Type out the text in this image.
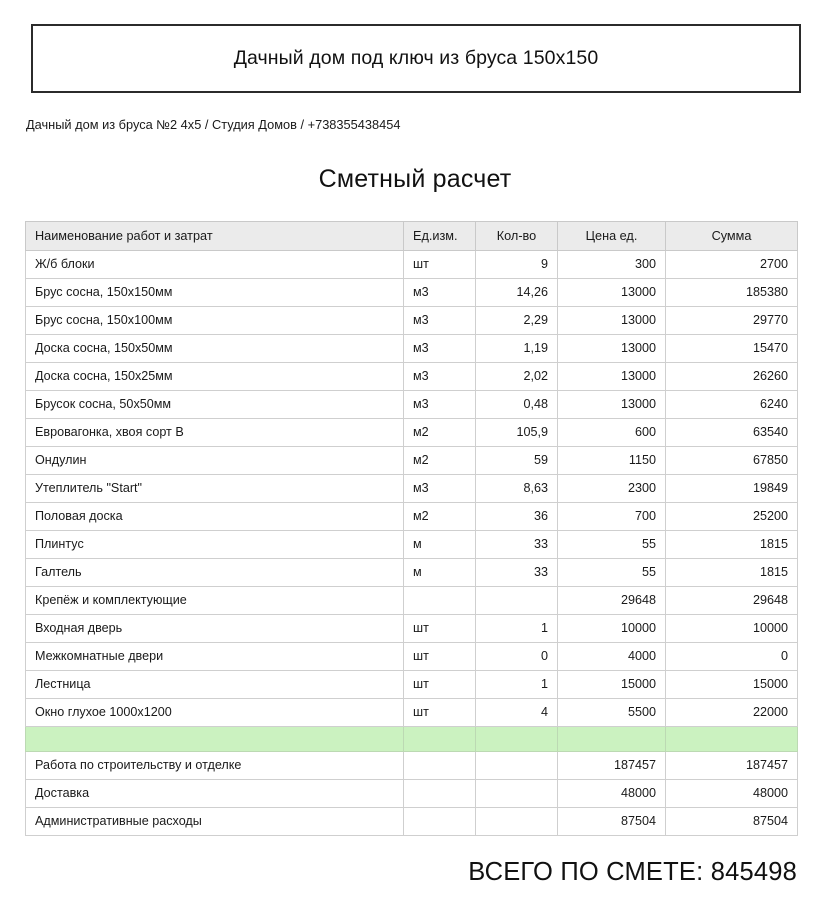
Дачный дом под ключ из бруса 150х150
Дачный дом из бруса №2 4х5 / Студия Домов / +738355438454
Сметный расчет
Наименование работ и затрат	Ед.изм.	Кол-во	Цена ед.	Сумма
Ж/б блоки	шт	9	300	2700
Брус сосна, 150х150мм	м3	14,26	13000	185380
Брус сосна, 150х100мм	м3	2,29	13000	29770
Доска сосна, 150х50мм	м3	1,19	13000	15470
Доска сосна, 150х25мм	м3	2,02	13000	26260
Брусок сосна, 50х50мм	м3	0,48	13000	6240
Евровагонка, хвоя сорт В	м2	105,9	600	63540
Ондулин	м2	59	1150	67850
Утеплитель "Start"	м3	8,63	2300	19849
Половая доска	м2	36	700	25200
Плинтус	м	33	55	1815
Галтель	м	33	55	1815
Крепёж и комплектующие			29648	29648
Входная дверь	шт	1	10000	10000
Межкомнатные двери	шт	0	4000	0
Лестница	шт	1	15000	15000
Окно глухое 1000х1200	шт	4	5500	22000

Работа по строительству и отделке			187457	187457
Доставка			48000	48000
Административные расходы			87504	87504
ВСЕГО ПО СМЕТЕ: 845498
